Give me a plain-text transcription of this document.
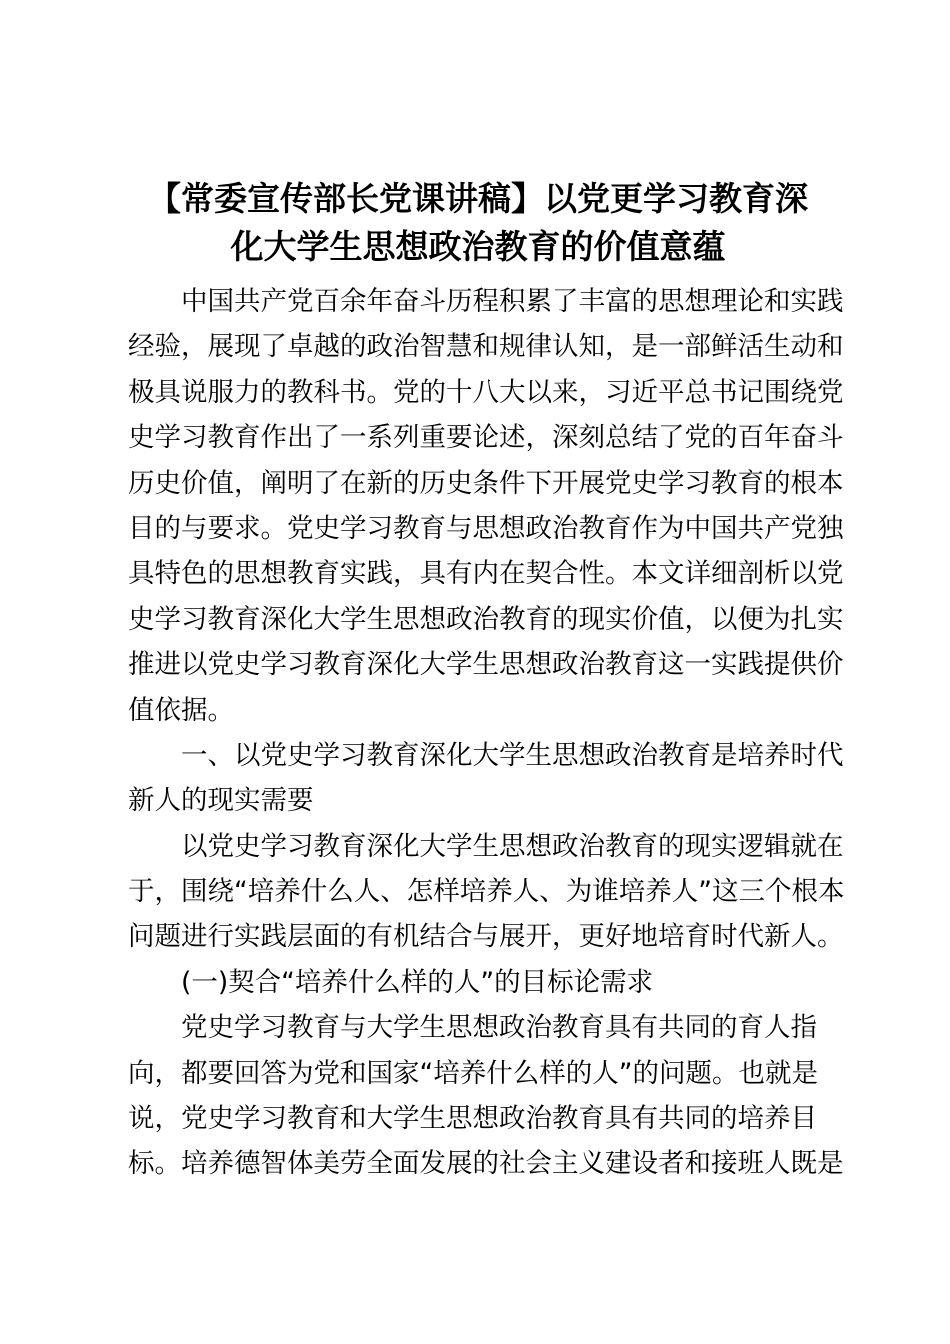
【常委宣传部长党课讲稿】以党更学习教育深
化大学生思想政治教育的价值意蕴
中国共产党百余年奋斗历程积累了丰富的思想理论和实践
经验，展现了卓越的政治智慧和规律认知，是一部鲜活生动和
极具说服力的教科书。党的十八大以来，习近平总书记围绕党
史学习教育作出了一系列重要论述，深刻总结了党的百年奋斗
历史价值，阐明了在新的历史条件下开展党史学习教育的根本
目的与要求。党史学习教育与思想政治教育作为中国共产党独
具特色的思想教育实践，具有内在契合性。本文详细剖析以党
史学习教育深化大学生思想政治教育的现实价值，以便为扎实
推进以党史学习教育深化大学生思想政治教育这一实践提供价
值依据。
一、以党史学习教育深化大学生思想政治教育是培养时代
新人的现实需要
以党史学习教育深化大学生思想政治教育的现实逻辑就在
于，围绕“培养什么人、怎样培养人、为谁培养人”这三个根本
问题进行实践层面的有机结合与展开，更好地培育时代新人。
(一)契合“培养什么样的人”的目标论需求
党史学习教育与大学生思想政治教育具有共同的育人指
向，都要回答为党和国家“培养什么样的人”的问题。也就是
说，党史学习教育和大学生思想政治教育具有共同的培养目
标。培养德智体美劳全面发展的社会主义建设者和接班人既是
